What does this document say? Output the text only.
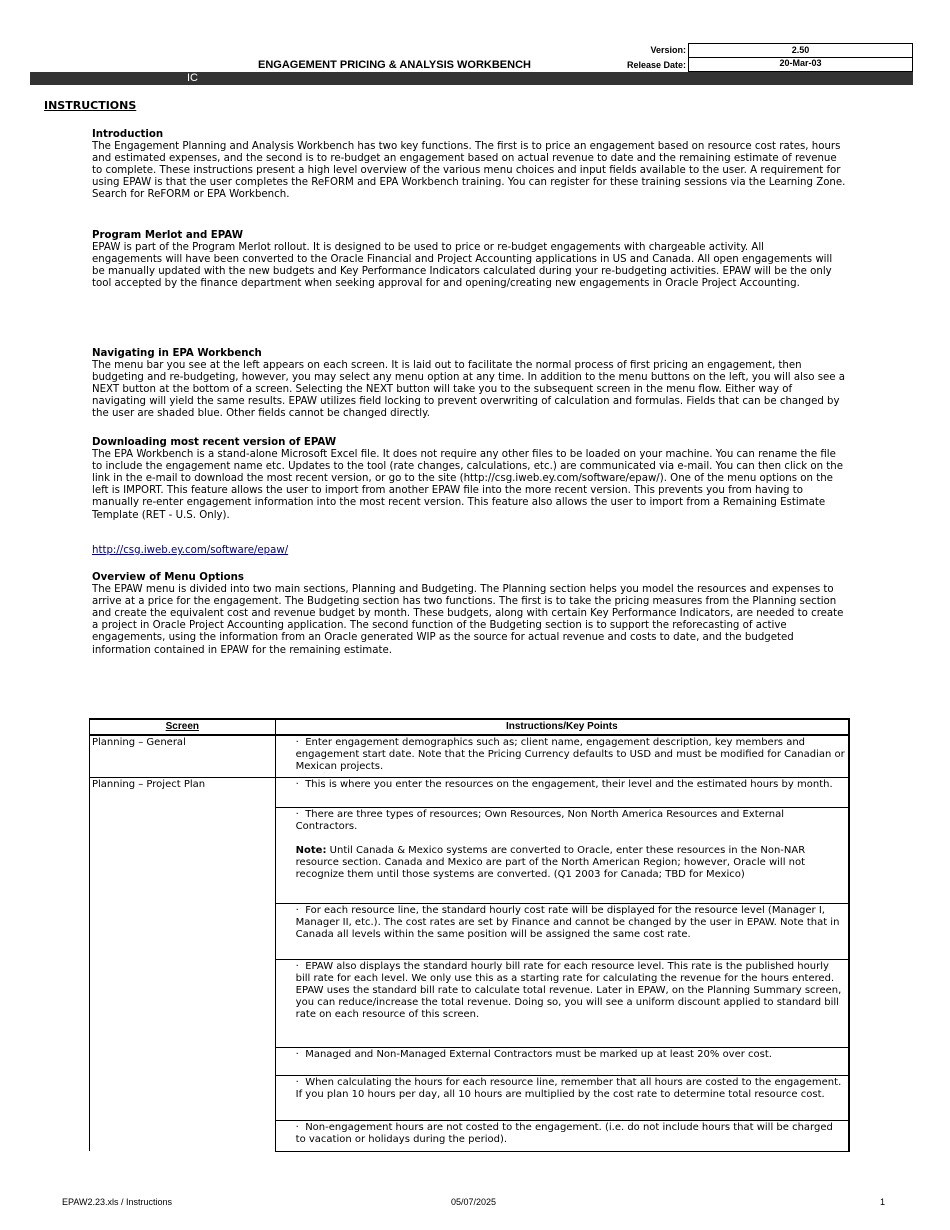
Version:	2.50
Release Date:	20-Mar-03
ENGAGEMENT PRICING & ANALYSIS WORKBENCH
IC
INSTRUCTIONS
Introduction
The Engagement Planning and Analysis Workbench has two key functions. The first is to price an engagement based on resource cost rates, hours and estimated expenses, and the second is to re-budget an engagement based on actual revenue to date and the remaining estimate of revenue to complete. These instructions present a high level overview of the various menu choices and input fields available to the user. A requirement for using EPAW is that the user completes the ReFORM and EPA Workbench training. You can register for these training sessions via the Learning Zone. Search for ReFORM or EPA Workbench.
Program Merlot and EPAW
EPAW is part of the Program Merlot rollout. It is designed to be used to price or re-budget engagements with chargeable activity. All engagements will have been converted to the Oracle Financial and Project Accounting applications in US and Canada. All open engagements will be manually updated with the new budgets and Key Performance Indicators calculated during your re-budgeting activities. EPAW will be the only tool accepted by the finance department when seeking approval for and opening/creating new engagements in Oracle Project Accounting.
Navigating in EPA Workbench
The menu bar you see at the left appears on each screen. It is laid out to facilitate the normal process of first pricing an engagement, then budgeting and re-budgeting, however, you may select any menu option at any time. In addition to the menu buttons on the left, you will also see a NEXT button at the bottom of a screen. Selecting the NEXT button will take you to the subsequent screen in the menu flow. Either way of navigating will yield the same results. EPAW utilizes field locking to prevent overwriting of calculation and formulas. Fields that can be changed by the user are shaded blue. Other fields cannot be changed directly.
Downloading most recent version of EPAW
The EPA Workbench is a stand-alone Microsoft Excel file. It does not require any other files to be loaded on your machine. You can rename the file to include the engagement name etc. Updates to the tool (rate changes, calculations, etc.) are communicated via e-mail. You can then click on the link in the e-mail to download the most recent version, or go to the site (http://csg.iweb.ey.com/software/epaw/). One of the menu options on the left is IMPORT. This feature allows the user to import from another EPAW file into the more recent version. This prevents you from having to manually re-enter engagement information into the most recent version. This feature also allows the user to import from a Remaining Estimate Template (RET - U.S. Only).
http://csg.iweb.ey.com/software/epaw/
Overview of Menu Options
The EPAW menu is divided into two main sections, Planning and Budgeting. The Planning section helps you model the resources and expenses to arrive at a price for the engagement. The Budgeting section has two functions. The first is to take the pricing measures from the Planning section and create the equivalent cost and revenue budget by month. These budgets, along with certain Key Performance Indicators, are needed to create a project in Oracle Project Accounting application. The second function of the Budgeting section is to support the reforecasting of active engagements, using the information from an Oracle generated WIP as the source for actual revenue and costs to date, and the budgeted information contained in EPAW for the remaining estimate.
Screen	Instructions/Key Points
Planning – General	· Enter engagement demographics such as; client name, engagement description, key members and engagement start date. Note that the Pricing Currency defaults to USD and must be modified for Canadian or Mexican projects.
Planning – Project Plan	· This is where you enter the resources on the engagement, their level and the estimated hours by month.
	· There are three types of resources; Own Resources, Non North America Resources and External Contractors.

Note: Until Canada & Mexico systems are converted to Oracle, enter these resources in the Non-NAR resource section. Canada and Mexico are part of the North American Region; however, Oracle will not recognize them until those systems are converted. (Q1 2003 for Canada; TBD for Mexico)
	· For each resource line, the standard hourly cost rate will be displayed for the resource level (Manager I, Manager II, etc.). The cost rates are set by Finance and cannot be changed by the user in EPAW. Note that in Canada all levels within the same position will be assigned the same cost rate.
	· EPAW also displays the standard hourly bill rate for each resource level. This rate is the published hourly bill rate for each level. We only use this as a starting rate for calculating the revenue for the hours entered. EPAW uses the standard bill rate to calculate total revenue. Later in EPAW, on the Planning Summary screen, you can reduce/increase the total revenue. Doing so, you will see a uniform discount applied to standard bill rate on each resource of this screen.
	· Managed and Non-Managed External Contractors must be marked up at least 20% over cost.
	· When calculating the hours for each resource line, remember that all hours are costed to the engagement. If you plan 10 hours per day, all 10 hours are multiplied by the cost rate to determine total resource cost.
	· Non-engagement hours are not costed to the engagement. (i.e. do not include hours that will be charged to vacation or holidays during the period).
EPAW2.23.xls / Instructions	05/07/2025	1
